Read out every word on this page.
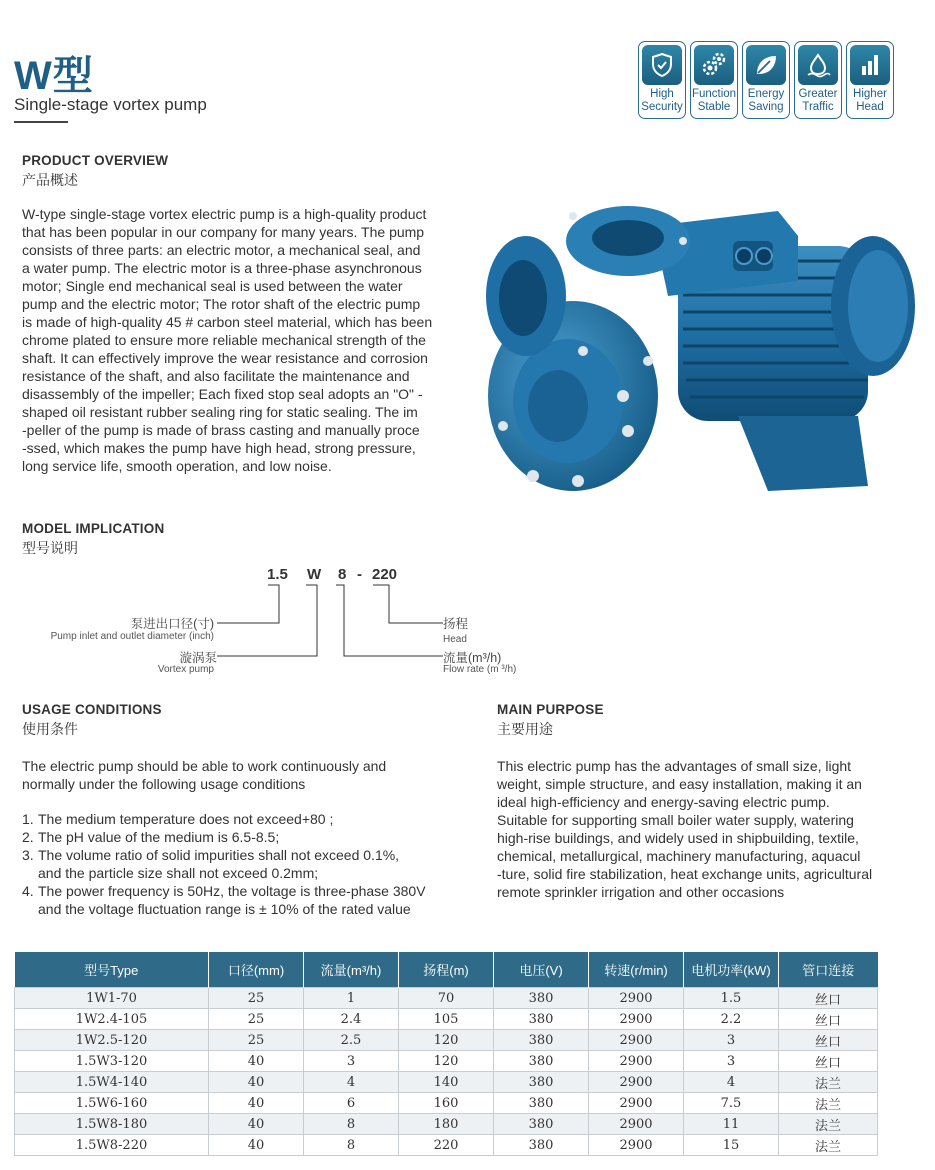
W型
Single-stage vortex pump
High Security
Function Stable
Energy Saving
Greater Traffic
Higher Head
PRODUCT OVERVIEW
产品概述
W-type single-stage vortex electric pump is a high-quality product
that has been popular in our company for many years. The pump
consists of three parts: an electric motor, a mechanical seal, and
a water pump. The electric motor is a three-phase asynchronous
motor; Single end mechanical seal is used between the water
pump and the electric motor; The rotor shaft of the electric pump
is made of high-quality 45 # carbon steel material, which has been
chrome plated to ensure more reliable mechanical strength of the
shaft. It can effectively improve the wear resistance and corrosion
resistance of the shaft, and also facilitate the maintenance and
disassembly of the impeller; Each fixed stop seal adopts an "O" -
shaped oil resistant rubber sealing ring for static sealing. The im
-peller of the pump is made of brass casting and manually proce
-ssed, which makes the pump have high head, strong pressure,
long service life, smooth operation, and low noise.
MODEL IMPLICATION
型号说明
1.5 W 8 - 220
泵进出口径(寸)
Pump inlet and outlet diameter (inch)
漩涡泵
Vortex pump
扬程
Head
流量(m³/h)
Flow rate (m ³/h)
USAGE CONDITIONS
使用条件
The electric pump should be able to work continuously and
normally under the following usage conditions
1. The medium temperature does not exceed+80 ;
2. The pH value of the medium is 6.5-8.5;
3. The volume ratio of solid impurities shall not exceed 0.1%,
and the particle size shall not exceed 0.2mm;
4. The power frequency is 50Hz, the voltage is three-phase 380V
and the voltage fluctuation range is ± 10% of the rated value
MAIN PURPOSE
主要用途
This electric pump has the advantages of small size, light
weight, simple structure, and easy installation, making it an
ideal high-efficiency and energy-saving electric pump.
Suitable for supporting small boiler water supply, watering
high-rise buildings, and widely used in shipbuilding, textile,
chemical, metallurgical, machinery manufacturing, aquacul
-ture, solid fire stabilization, heat exchange units, agricultural
remote sprinkler irrigation and other occasions
型号Type	口径(mm)	流量(m³/h)	扬程(m)	电压(V)	转速(r/min)	电机功率(kW)	管口连接
1W1-70	25	1	70	380	2900	1.5	丝口
1W2.4-105	25	2.4	105	380	2900	2.2	丝口
1W2.5-120	25	2.5	120	380	2900	3	丝口
1.5W3-120	40	3	120	380	2900	3	丝口
1.5W4-140	40	4	140	380	2900	4	法兰
1.5W6-160	40	6	160	380	2900	7.5	法兰
1.5W8-180	40	8	180	380	2900	11	法兰
1.5W8-220	40	8	220	380	2900	15	法兰
